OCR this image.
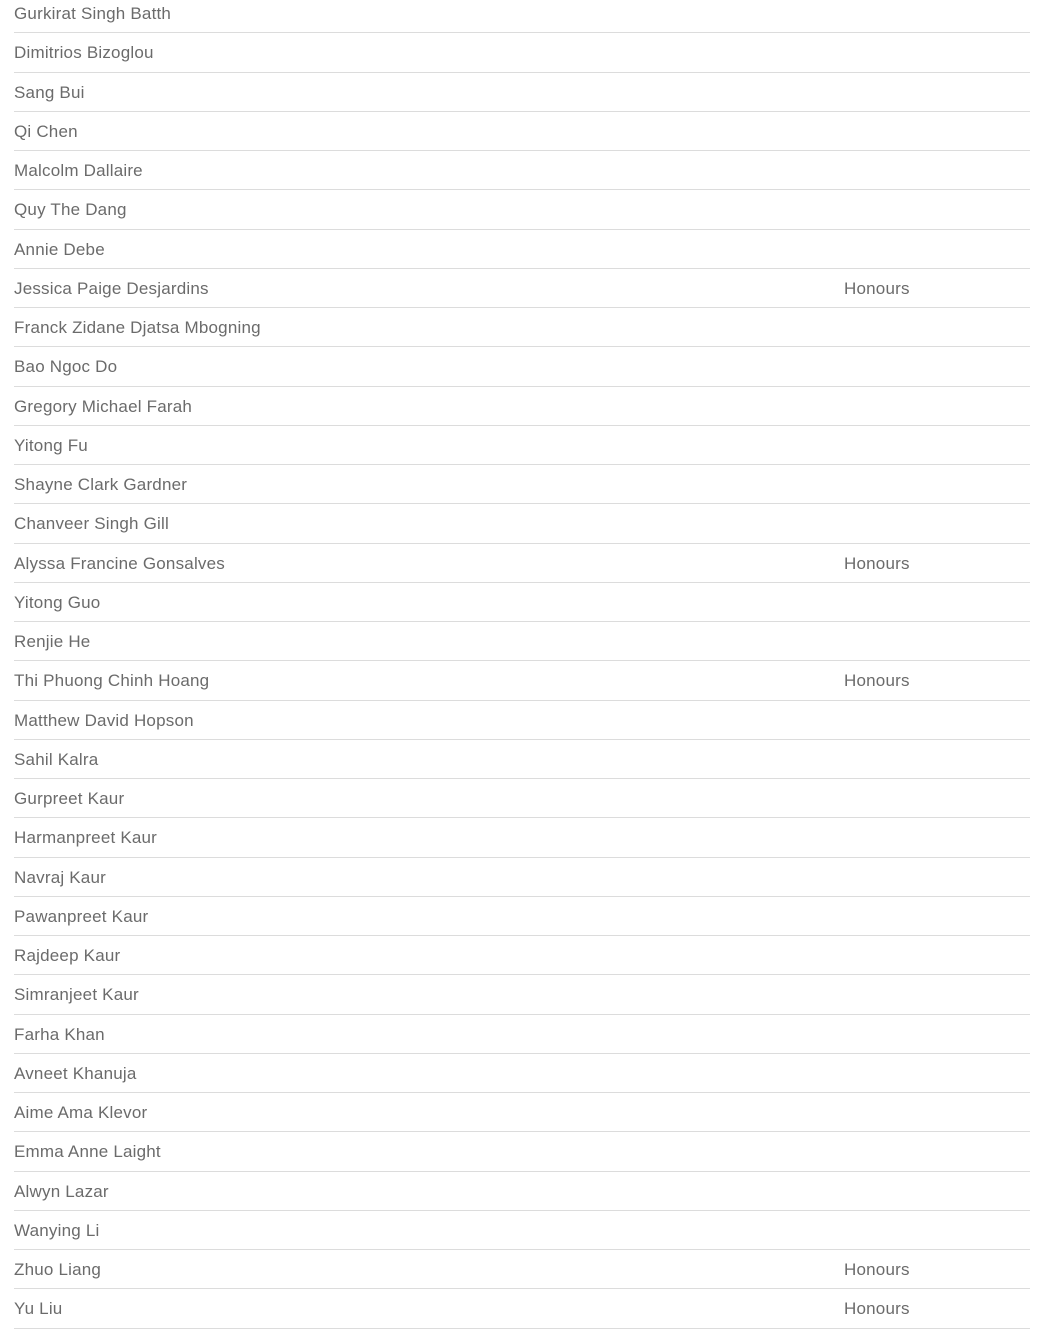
Gurkirat Singh Batth
Dimitrios Bizoglou
Sang Bui
Qi Chen
Malcolm Dallaire
Quy The Dang
Annie Debe
Jessica Paige Desjardins	Honours
Franck Zidane Djatsa Mbogning
Bao Ngoc Do
Gregory Michael Farah
Yitong Fu
Shayne Clark Gardner
Chanveer Singh Gill
Alyssa Francine Gonsalves	Honours
Yitong Guo
Renjie He
Thi Phuong Chinh Hoang	Honours
Matthew David Hopson
Sahil Kalra
Gurpreet Kaur
Harmanpreet Kaur
Navraj Kaur
Pawanpreet Kaur
Rajdeep Kaur
Simranjeet Kaur
Farha Khan
Avneet Khanuja
Aime Ama Klevor
Emma Anne Laight
Alwyn Lazar
Wanying Li
Zhuo Liang	Honours
Yu Liu	Honours
